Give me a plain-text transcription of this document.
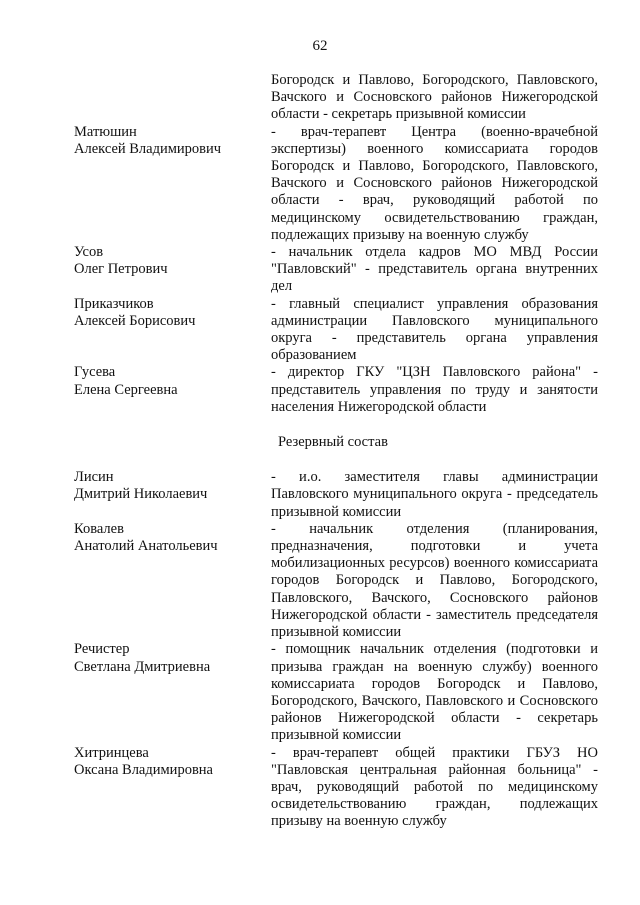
62
Богородск и Павлово, Богородского, Павловского, Вачского и Сосновского районов Нижегородской области - секретарь призывной комиссии
Матюшин
Алексей Владимирович
- врач-терапевт Центра (военно-врачебной экспертизы) военного комиссариата городов Богородск и Павлово, Богородского, Павловского, Вачского и Сосновского районов Нижегородской области - врач, руководящий работой по медицинскому освидетельствованию граждан, подлежащих призыву на военную службу
Усов
Олег Петрович
- начальник отдела кадров МО МВД России "Павловский" - представитель органа внутренних дел
Приказчиков
Алексей Борисович
- главный специалист управления образования администрации Павловского муниципального округа - представитель органа управления образованием
Гусева
Елена Сергеевна
- директор ГКУ "ЦЗН Павловского района" - представитель управления по труду и занятости населения Нижегородской области
Резервный состав
Лисин
Дмитрий Николаевич
- и.о. заместителя главы администрации Павловского муниципального округа - председатель призывной комиссии
Ковалев
Анатолий Анатольевич
- начальник отделения (планирования, предназначения, подготовки и учета мобилизационных ресурсов) военного комиссариата городов Богородск и Павлово, Богородского, Павловского, Вачского, Сосновского районов Нижегородской области - заместитель председателя призывной комиссии
Речистер
Светлана Дмитриевна
- помощник начальник отделения (подготовки и призыва граждан на военную службу) военного комиссариата городов Богородск и Павлово, Богородского, Вачского, Павловского и Сосновского районов Нижегородской области - секретарь призывной комиссии
Хитринцева
Оксана Владимировна
- врач-терапевт общей практики ГБУЗ НО "Павловская центральная районная больница" - врач, руководящий работой по медицинскому освидетельствованию граждан, подлежащих призыву на военную службу
